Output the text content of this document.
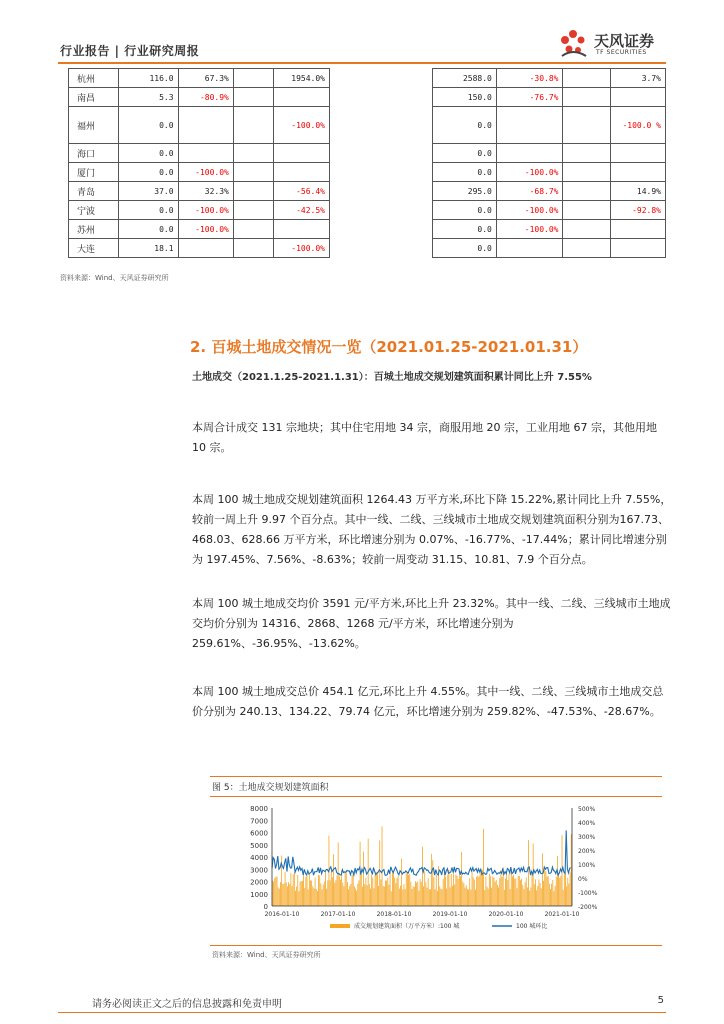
行业报告 | 行业研究周报
天风证券
TF SECURITIES
杭州	116.0	67.3%		1954.0%
南昌	5.3	-80.9%		
福州	0.0			-100.0%
海口	0.0			
厦门	0.0	-100.0%		
青岛	37.0	32.3%		-56.4%
宁波	0.0	-100.0%		-42.5%
苏州	0.0	-100.0%		
大连	18.1			-100.0%
2588.0	-30.8%		3.7%
150.0	-76.7%		
0.0			-100.0 %
0.0			
0.0	-100.0%		
295.0	-68.7%		14.9%
0.0	-100.0%		-92.8%
0.0	-100.0%		
0.0			
资料来源：Wind、天风证券研究所
2. 百城土地成交情况一览（2021.01.25-2021.01.31）
土地成交（2021.1.25-2021.1.31）：百城土地成交规划建筑面积累计同比上升 7.55%
本周合计成交 131 宗地块；其中住宅用地 34 宗，商服用地 20 宗，工业用地 67 宗，其他用地 10 宗。
本周 100 城土地成交规划建筑面积 1264.43 万平方米,环比下降 15.22%,累计同比上升 7.55%，较前一周上升 9.97 个百分点。其中一线、二线、三线城市土地成交规划建筑面积分别为167.73、468.03、628.66 万平方米，环比增速分别为 0.07%、-16.77%、-17.44%；累计同比增速分别为 197.45%、7.56%、-8.63%；较前一周变动 31.15、10.81、7.9 个百分点。
本周 100 城土地成交均价 3591 元/平方米,环比上升 23.32%。其中一线、二线、三线城市土地成交均价分别为 14316、2868、1268 元/平方米，环比增速分别为 259.61%、-36.95%、-13.62%。
本周 100 城土地成交总价 454.1 亿元,环比上升 4.55%。其中一线、二线、三线城市土地成交总价分别为 240.13、134.22、79.74 亿元，环比增速分别为 259.82%、-47.53%、-28.67%。
图 5：土地成交规划建筑面积
0
1000
2000
3000
4000
5000
6000
7000
8000	500%
400%
300%
200%
100%
0%
-100%
-200%
2016-01-10	2017-01-10	2018-01-10	2019-01-10	2020-01-10	2021-01-10
成交规划建筑面积（万平方米）:100 城	100 城环比
资料来源：Wind、天风证券研究所
请务必阅读正文之后的信息披露和免责申明	5
